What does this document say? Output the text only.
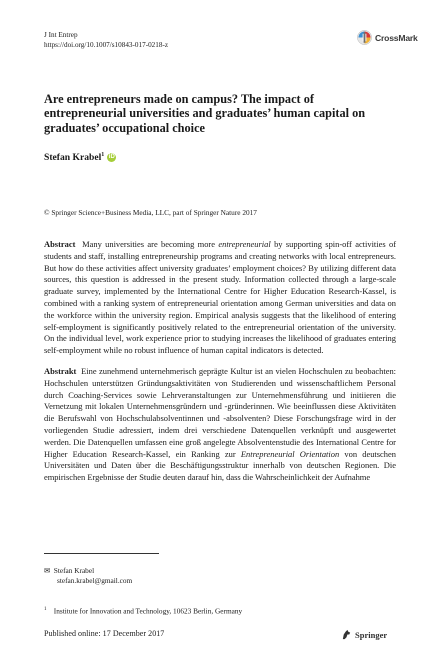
J Int Entrep
https://doi.org/10.1007/s10843-017-0218-z
CrossMark
Are entrepreneurs made on campus? The impact of entrepreneurial universities and graduates’ human capital on graduates’ occupational choice
Stefan Krabel$^1$ iD
© Springer Science+Business Media, LLC, part of Springer Nature 2017
Abstract Many universities are becoming more entrepreneurial by supporting spin-off activities of students and staff, installing entrepreneurship programs and creating networks with local entrepreneurs. But how do these activities affect university graduates’ employment choices? By utilizing different data sources, this question is addressed in the present study. Information collected through a large-scale graduate survey, implemented by the International Centre for Higher Education Research-Kassel, is combined with a ranking system of entrepreneurial orientation among German universities and data on the workforce within the university region. Empirical analysis suggests that the likelihood of entering self-employment is significantly positively related to the entrepreneurial orientation of the university. On the individual level, work experience prior to studying increases the likelihood of graduates entering self-employment while no robust influence of human capital indicators is detected.
Abstrakt Eine zunehmend unternehmerisch geprägte Kultur ist an vielen Hochschulen zu beobachten: Hochschulen unterstützen Gründungsaktivitäten von Studierenden und wissenschaftlichem Personal durch Coaching-Services sowie Lehrveranstaltungen zur Unternehmensführung und initiieren die Vernetzung mit lokalen Unternehmensgründern und -gründerinnen. Wie beeinflussen diese Aktivitäten die Berufswahl von Hochschulabsolventinnen und -absolventen? Diese Forschungsfrage wird in der vorliegenden Studie adressiert, indem drei verschiedene Datenquellen verknüpft und ausgewertet werden. Die Datenquellen umfassen eine groß angelegte Absolventenstudie des International Centre for Higher Education Research-Kassel, ein Ranking zur Entrepreneurial Orientation von deutschen Universitäten und Daten über die Beschäftigungsstruktur innerhalb von deutschen Regionen. Die empirischen Ergebnisse der Studie deuten darauf hin, dass die Wahrscheinlichkeit der Aufnahme
✉ Stefan Krabel
stefan.krabel@gmail.com
$^1$ Institute for Innovation and Technology, 10623 Berlin, Germany
Published online: 17 December 2017	Springer
